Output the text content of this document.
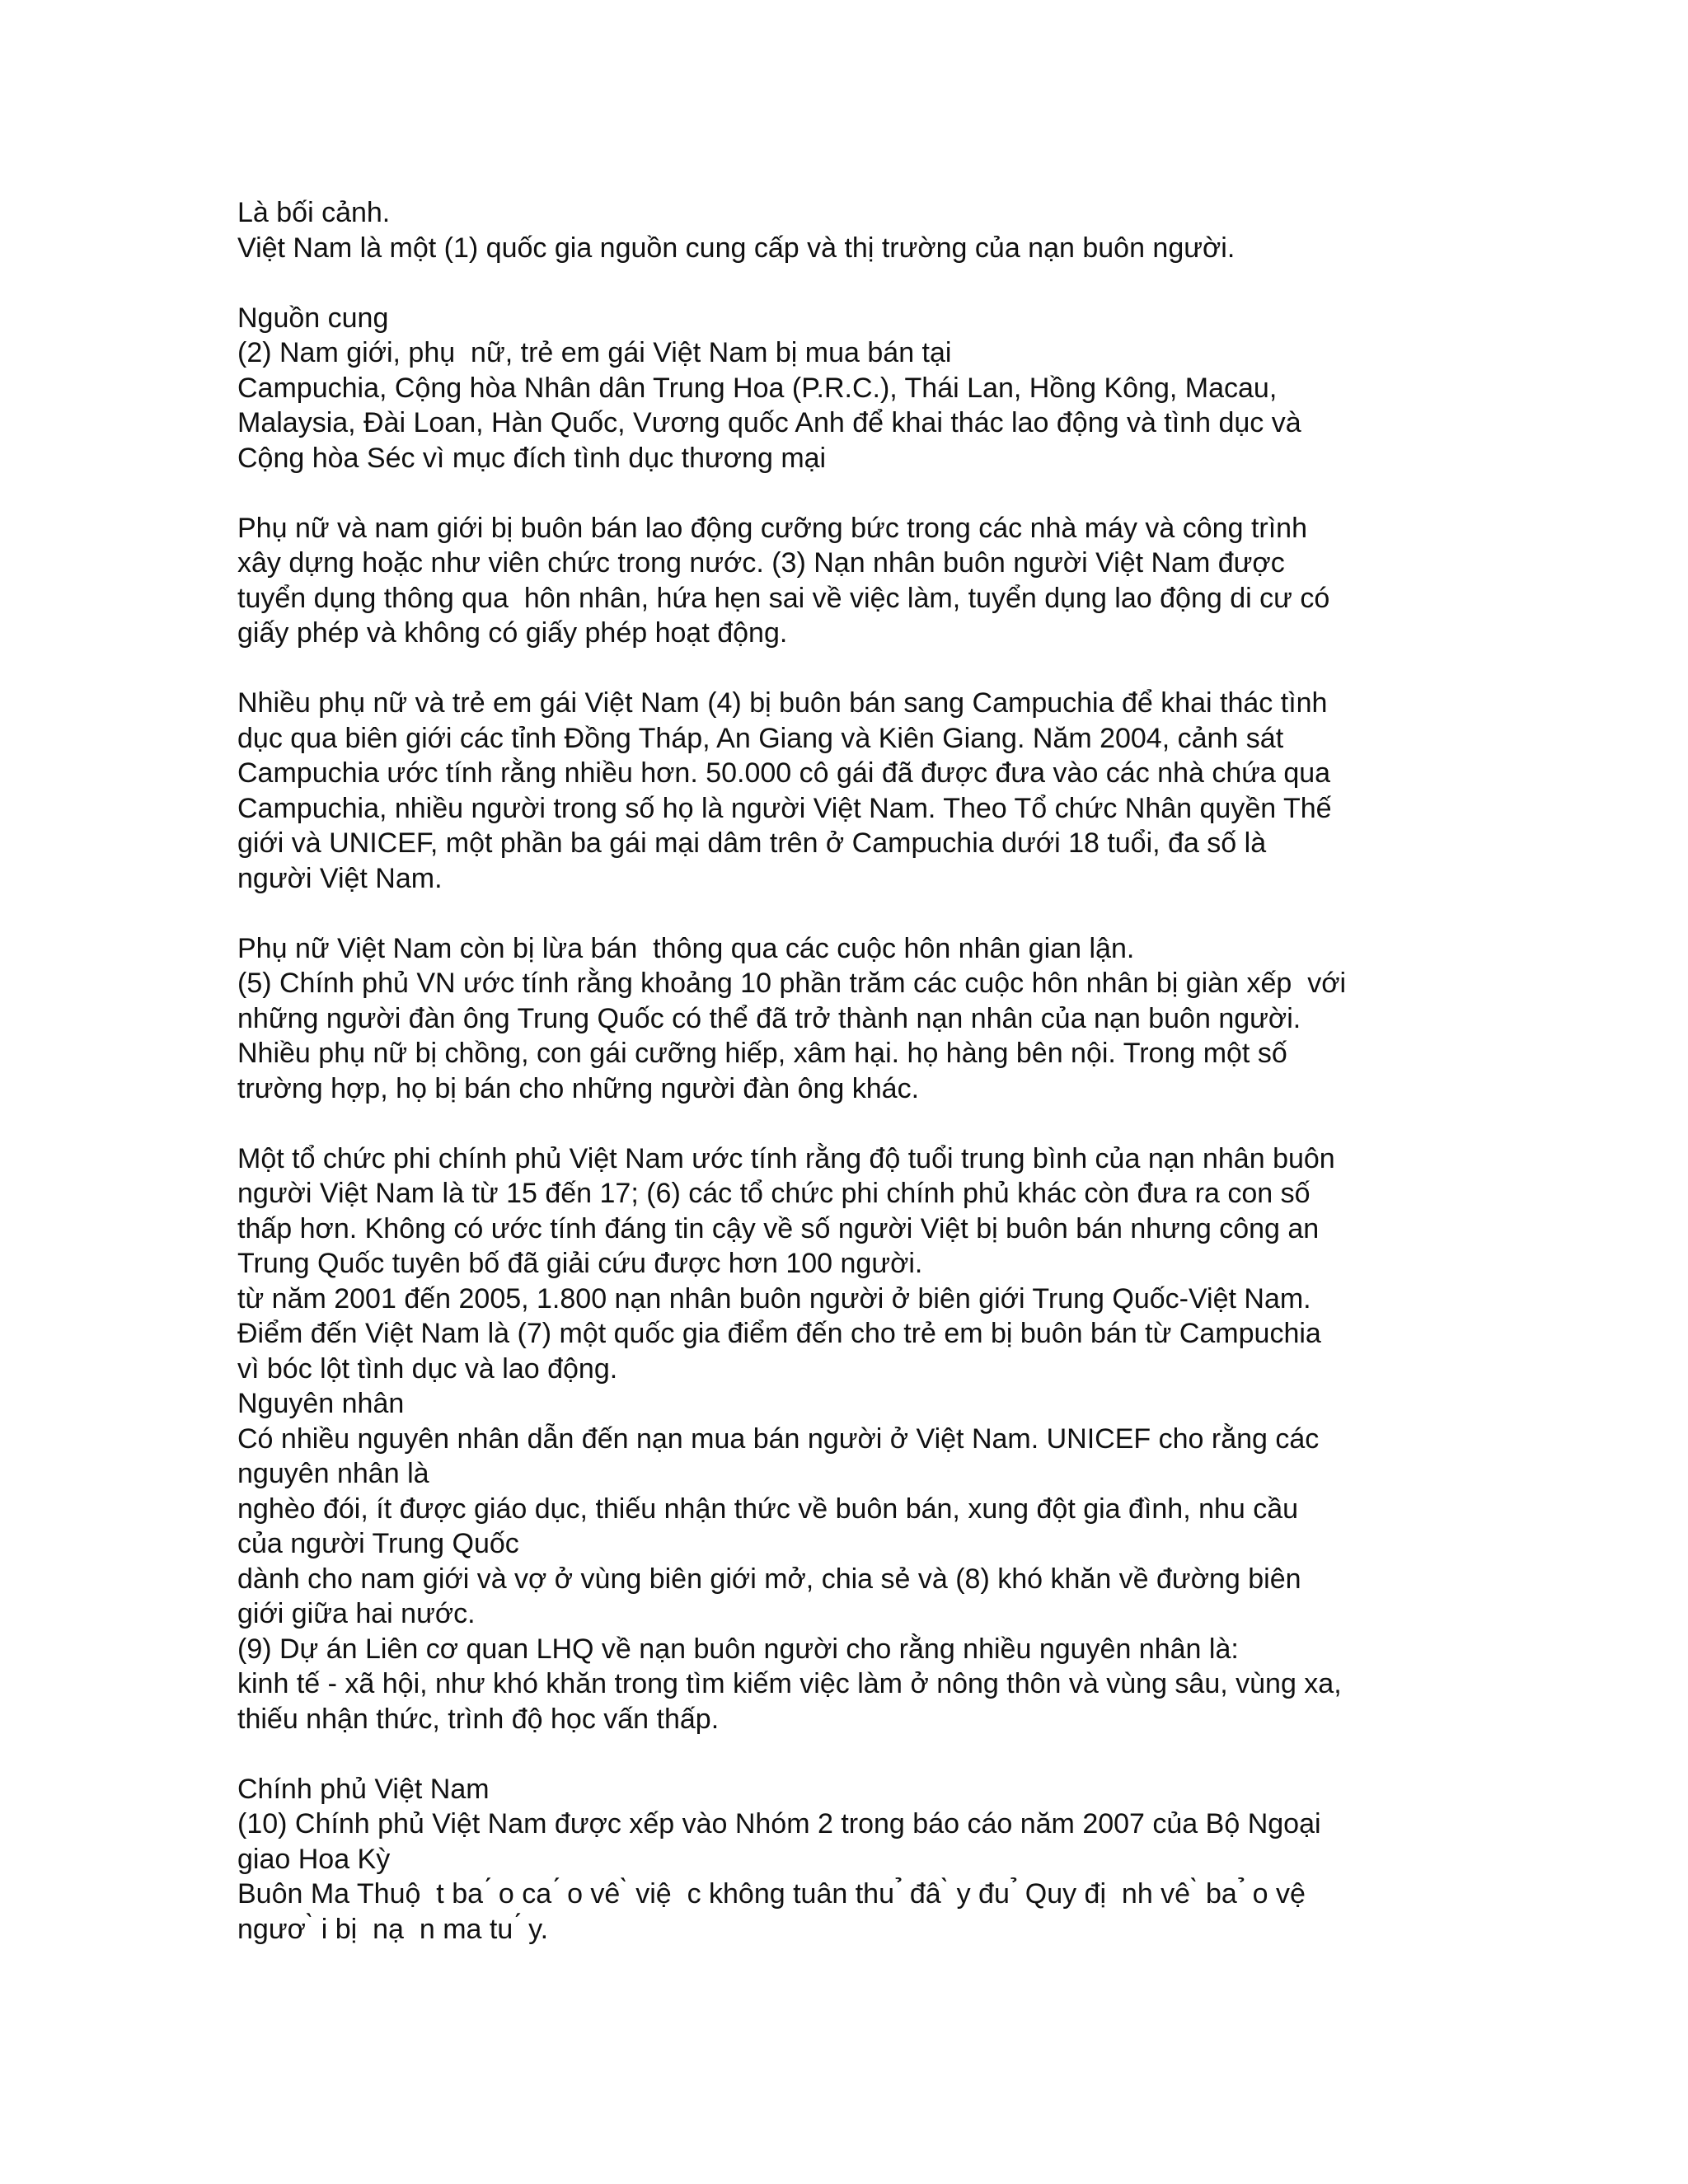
Là bối cảnh.
Việt Nam là một (1) quốc gia nguồn cung cấp và thị trường của nạn buôn người.
Nguồn cung
(2) Nam giới, phụ  nữ, trẻ em gái Việt Nam bị mua bán tại
Campuchia, Cộng hòa Nhân dân Trung Hoa (P.R.C.), Thái Lan, Hồng Kông, Macau,
Malaysia, Đài Loan, Hàn Quốc, Vương quốc Anh để khai thác lao động và tình dục và
Cộng hòa Séc vì mục đích tình dục thương mại
Phụ nữ và nam giới bị buôn bán lao động cưỡng bức trong các nhà máy và công trình
xây dựng hoặc như viên chức trong nước. (3) Nạn nhân buôn người Việt Nam được
tuyển dụng thông qua  hôn nhân, hứa hẹn sai về việc làm, tuyển dụng lao động di cư có
giấy phép và không có giấy phép hoạt động.
Nhiều phụ nữ và trẻ em gái Việt Nam (4) bị buôn bán sang Campuchia để khai thác tình
dục qua biên giới các tỉnh Đồng Tháp, An Giang và Kiên Giang. Năm 2004, cảnh sát
Campuchia ước tính rằng nhiều hơn. 50.000 cô gái đã được đưa vào các nhà chứa qua
Campuchia, nhiều người trong số họ là người Việt Nam. Theo Tổ chức Nhân quyền Thế
giới và UNICEF, một phần ba gái mại dâm trên ở Campuchia dưới 18 tuổi, đa số là
người Việt Nam.
Phụ nữ Việt Nam còn bị lừa bán  thông qua các cuộc hôn nhân gian lận.
(5) Chính phủ VN ước tính rằng khoảng 10 phần trăm các cuộc hôn nhân bị giàn xếp  với
những người đàn ông Trung Quốc có thể đã trở thành nạn nhân của nạn buôn người.
Nhiều phụ nữ bị chồng, con gái cưỡng hiếp, xâm hại. họ hàng bên nội. Trong một số
trường hợp, họ bị bán cho những người đàn ông khác.
Một tổ chức phi chính phủ Việt Nam ước tính rằng độ tuổi trung bình của nạn nhân buôn
người Việt Nam là từ 15 đến 17; (6) các tổ chức phi chính phủ khác còn đưa ra con số
thấp hơn. Không có ước tính đáng tin cậy về số người Việt bị buôn bán nhưng công an
Trung Quốc tuyên bố đã giải cứu được hơn 100 người.
từ năm 2001 đến 2005, 1.800 nạn nhân buôn người ở biên giới Trung Quốc-Việt Nam.
Điểm đến Việt Nam là (7) một quốc gia điểm đến cho trẻ em bị buôn bán từ Campuchia
vì bóc lột tình dục và lao động.
Nguyên nhân
Có nhiều nguyên nhân dẫn đến nạn mua bán người ở Việt Nam. UNICEF cho rằng các
nguyên nhân là
nghèo đói, ít được giáo dục, thiếu nhận thức về buôn bán, xung đột gia đình, nhu cầu
của người Trung Quốc
dành cho nam giới và vợ ở vùng biên giới mở, chia sẻ và (8) khó khăn về đường biên
giới giữa hai nước.
(9) Dự án Liên cơ quan LHQ về nạn buôn người cho rằng nhiều nguyên nhân là:
kinh tế - xã hội, như khó khăn trong tìm kiếm việc làm ở nông thôn và vùng sâu, vùng xa,
thiếu nhận thức, trình độ học vấn thấp.
Chính phủ Việt Nam
(10) Chính phủ Việt Nam được xếp vào Nhóm 2 trong báo cáo năm 2007 của Bộ Ngoại
giao Hoa Kỳ
Buôn Ma Thuộ  t ba ́ o ca ́ o vê ̀ việ  c không tuân thu ̉ đâ ̀ y đu ̉ Quy đị  nh vê ̀ ba ̉ o vệ
ngươ ̀ i bị  nạ  n ma tu ́ y.
